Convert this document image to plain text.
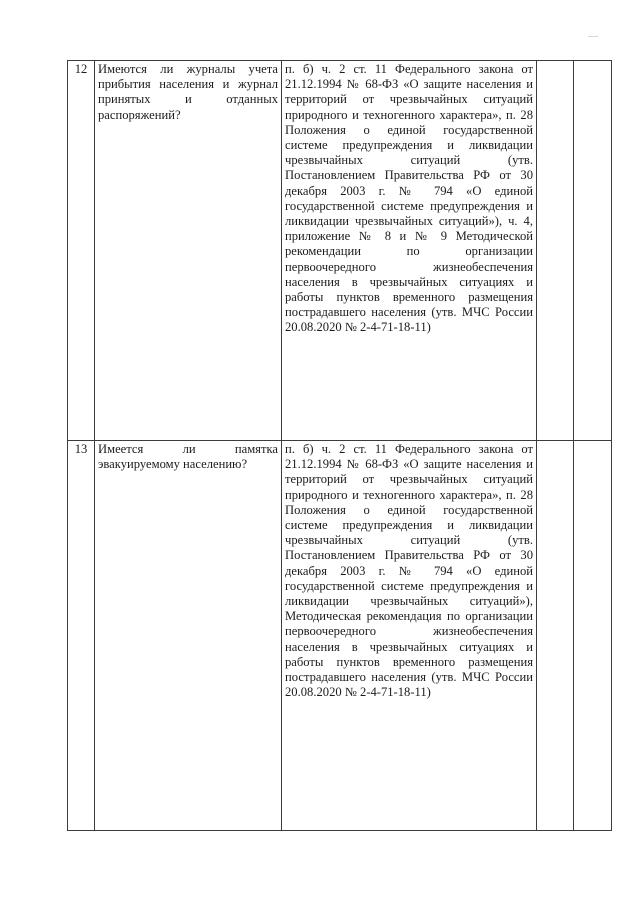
12	Имеются ли журналы учета прибытия населения и журнал принятых и отданных распоряжений?	п. б) ч. 2 ст. 11 Федерального закона от 21.12.1994 № 68-ФЗ «О защите населения и территорий от чрезвычайных ситуаций природного и техногенного характера», п. 28 Положения о единой государственной системе предупреждения и ликвидации чрезвычайных ситуаций (утв. Постановлением Правительства РФ от 30 декабря 2003 г. № 794 «О единой государственной системе предупреждения и ликвидации чрезвычайных ситуаций»), ч. 4, приложение № 8 и № 9 Методической рекомендации по организации первоочередного жизнеобеспечения населения в чрезвычайных ситуациях и работы пунктов временного размещения пострадавшего населения (утв. МЧС России 20.08.2020 № 2-4-71-18-11)		
13	Имеется ли памятка эвакуируемому населению?	п. б) ч. 2 ст. 11 Федерального закона от 21.12.1994 № 68-ФЗ «О защите населения и территорий от чрезвычайных ситуаций природного и техногенного характера», п. 28 Положения о единой государственной системе предупреждения и ликвидации чрезвычайных ситуаций (утв. Постановлением Правительства РФ от 30 декабря 2003 г. № 794 «О единой государственной системе предупреждения и ликвидации чрезвычайных ситуаций»), Методическая рекомендация по организации первоочередного жизнеобеспечения населения в чрезвычайных ситуациях и работы пунктов временного размещения пострадавшего населения (утв. МЧС России 20.08.2020 № 2-4-71-18-11)		
